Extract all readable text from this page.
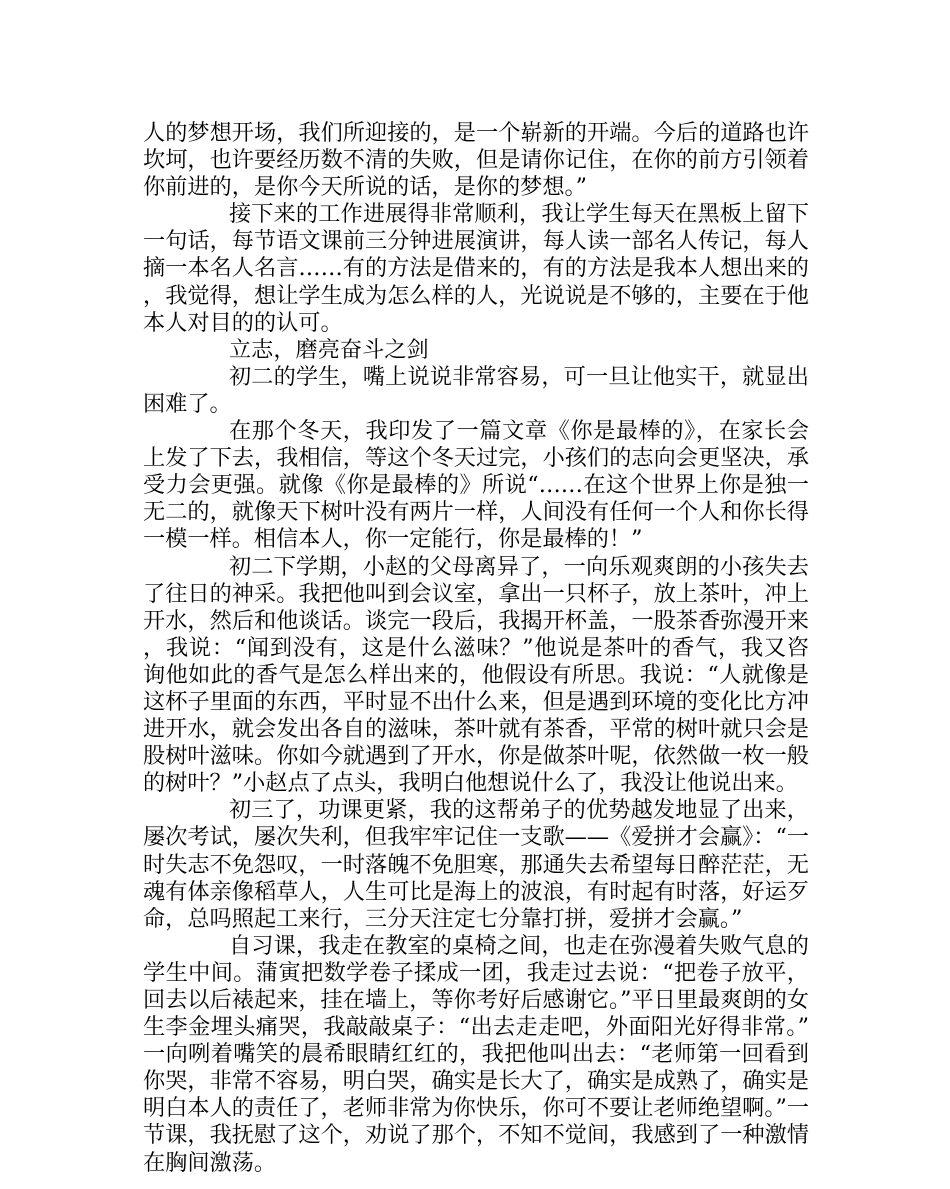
人的梦想开场，我们所迎接的，是一个崭新的开端。今后的道路也许坎坷，也许要经历数不清的失败，但是请你记住，在你的前方引领着你前进的，是你今天所说的话，是你的梦想。”

接下来的工作进展得非常顺利，我让学生每天在黑板上留下一句话，每节语文课前三分钟进展演讲，每人读一部名人传记，每人摘一本名人名言……有的方法是借来的，有的方法是我本人想出来的，我觉得，想让学生成为怎么样的人，光说说是不够的，主要在于他本人对目的的认可。

立志，磨亮奋斗之剑

初二的学生，嘴上说说非常容易，可一旦让他实干，就显出困难了。

在那个冬天，我印发了一篇文章《你是最棒的》，在家长会上发了下去，我相信，等这个冬天过完，小孩们的志向会更坚决，承受力会更强。就像《你是最棒的》所说“……在这个世界上你是独一无二的，就像天下树叶没有两片一样，人间没有任何一个人和你长得一模一样。相信本人，你一定能行，你是最棒的！”

初二下学期，小赵的父母离异了，一向乐观爽朗的小孩失去了往日的神采。我把他叫到会议室，拿出一只杯子，放上茶叶，冲上开水，然后和他谈话。谈完一段后，我揭开杯盖，一股茶香弥漫开来，我说：“闻到没有，这是什么滋味？”他说是茶叶的香气，我又咨询他如此的香气是怎么样出来的，他假设有所思。我说：“人就像是这杯子里面的东西，平时显不出什么来，但是遇到环境的变化比方冲进开水，就会发出各自的滋味，茶叶就有茶香，平常的树叶就只会是股树叶滋味。你如今就遇到了开水，你是做茶叶呢，依然做一枚一般的树叶？”小赵点了点头，我明白他想说什么了，我没让他说出来。

初三了，功课更紧，我的这帮弟子的优势越发地显了出来，屡次考试，屡次失利，但我牢牢记住一支歌——《爱拼才会赢》：“一时失志不免怨叹，一时落魄不免胆寒，那通失去希望每日醉茫茫，无魂有体亲像稻草人，人生可比是海上的波浪，有时起有时落，好运歹命，总吗照起工来行，三分天注定七分靠打拼，爱拼才会赢。”

自习课，我走在教室的桌椅之间，也走在弥漫着失败气息的学生中间。蒲寅把数学卷子揉成一团，我走过去说：“把卷子放平，回去以后裱起来，挂在墙上，等你考好后感谢它。”平日里最爽朗的女生李金埋头痛哭，我敲敲桌子：“出去走走吧，外面阳光好得非常。”一向咧着嘴笑的晨希眼睛红红的，我把他叫出去：“老师第一回看到你哭，非常不容易，明白哭，确实是长大了，确实是成熟了，确实是明白本人的责任了，老师非常为你快乐，你可不要让老师绝望啊。”一节课，我抚慰了这个，劝说了那个，不知不觉间，我感到了一种激情在胸间激荡。
